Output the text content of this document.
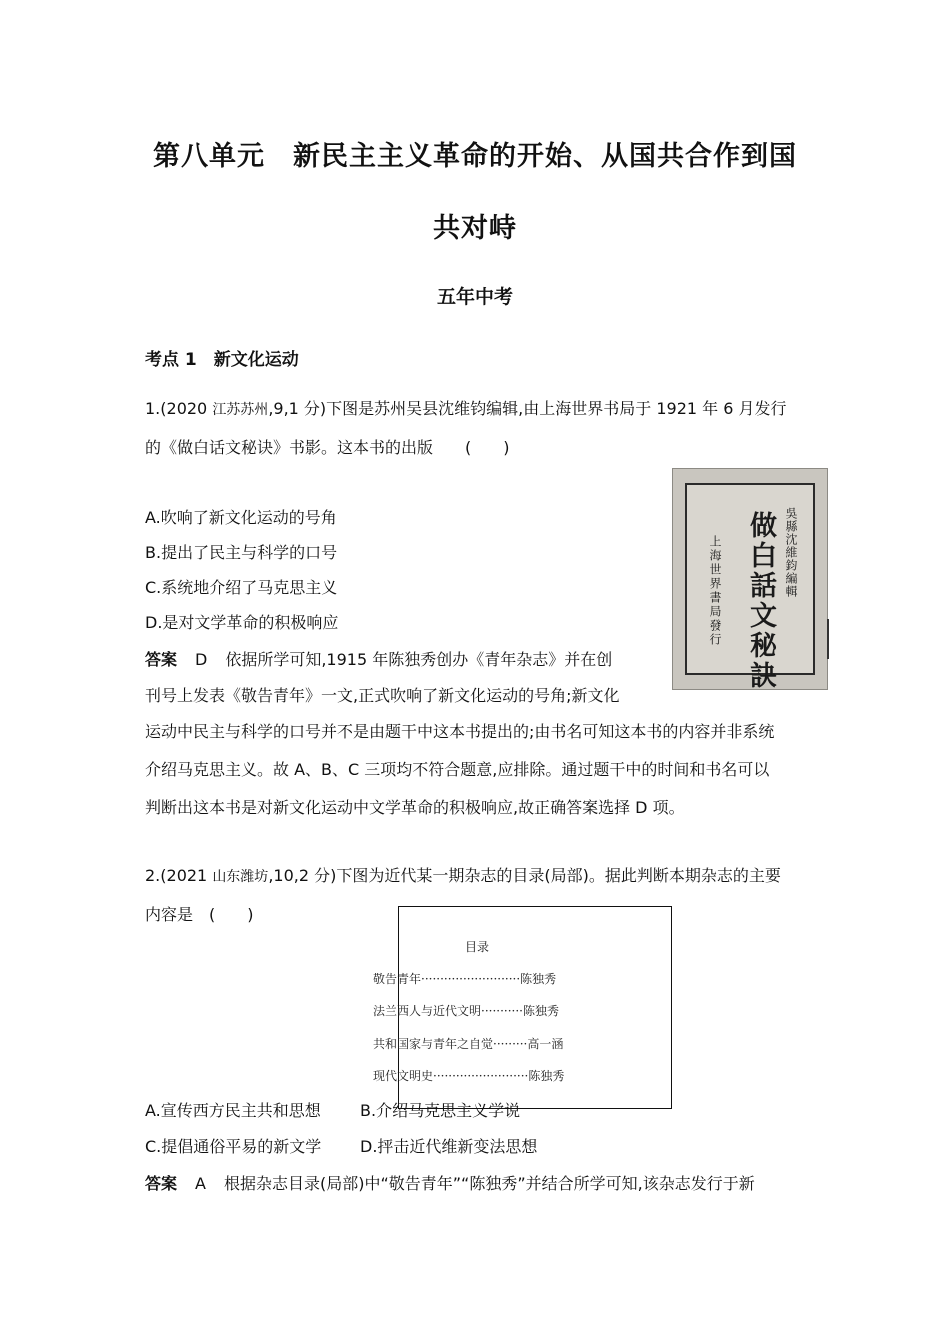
第八单元　新民主主义革命的开始、从国共合作到国
共对峙
五年中考
考点 1　新文化运动
1.(2020 江苏苏州,9,1 分)下图是苏州吴县沈维钧编辑,由上海世界书局于 1921 年 6 月发行
的《做白话文秘诀》书影。这本书的出版　　(　　)
A.吹响了新文化运动的号角
B.提出了民主与科学的口号
C.系统地介绍了马克思主义
D.是对文学革命的积极响应
答案 D 依据所学可知,1915 年陈独秀创办《青年杂志》并在创
刊号上发表《敬告青年》一文,正式吹响了新文化运动的号角;新文化
运动中民主与科学的口号并不是由题干中这本书提出的;由书名可知这本书的内容并非系统
介绍马克思主义。故 A、B、C 三项均不符合题意,应排除。通过题干中的时间和书名可以
判断出这本书是对新文化运动中文学革命的积极响应,故正确答案选择 D 项。
吳縣沈維鈞編輯
做白話文秘訣
上海世界書局發行
2.(2021 山东潍坊,10,2 分)下图为近代某一期杂志的目录(局部)。据此判断本期杂志的主要
内容是　(　　)
目录
敬告青年··························陈独秀
法兰西人与近代文明···········陈独秀
共和国家与青年之自觉·········高一涵
现代文明史·························陈独秀
A.宣传西方民主共和思想 B.介绍马克思主义学说
C.提倡通俗平易的新文学 D.抨击近代维新变法思想
答案 A 根据杂志目录(局部)中“敬告青年”“陈独秀”并结合所学可知,该杂志发行于新
